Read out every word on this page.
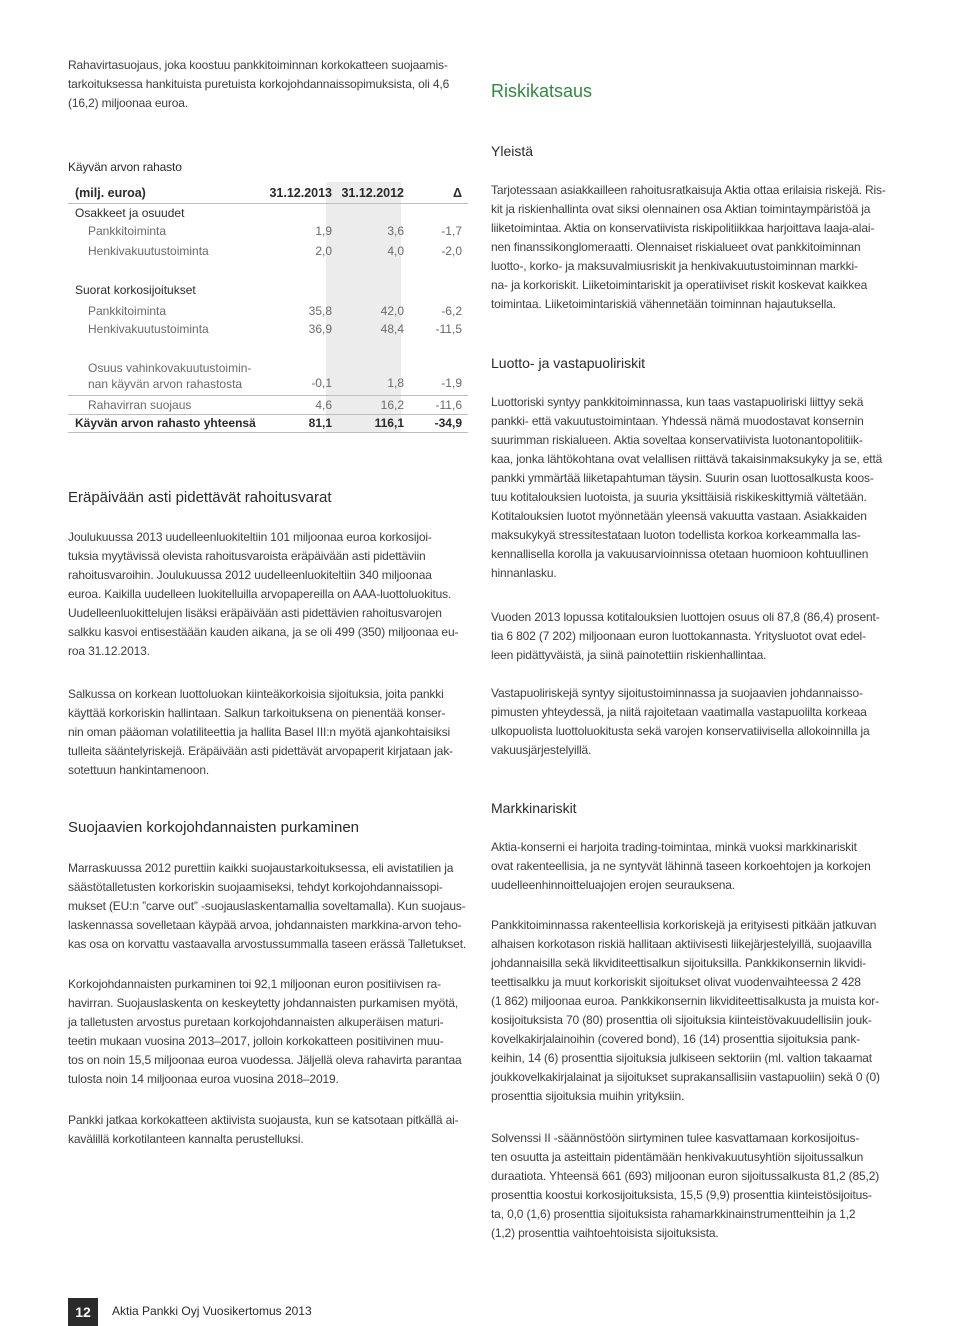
Rahavirtasuojaus, joka koostuu pankkitoiminnan korkokatteen suojaamis-
tarkoituksessa hankituista puretuista korkojohdannaissopimuksista, oli 4,6
(16,2) miljoonaa euroa.

Käyvän arvon rahasto

(milj. euroa)	31.12.2013 31.12.2012	Δ
Osakkeet ja osuudet
Pankkitoiminta	1,9	3,6	-1,7
Henkivakuutustoiminta	2,0	4,0	-2,0
Suorat korkosijoitukset
Pankkitoiminta	35,8	42,0	-6,2
Henkivakuutustoiminta	36,9	48,4	-11,5
Osuus vahinkovakuutustoimin-
nan käyvän arvon rahastosta	-0,1	1,8	-1,9
Rahavirran suojaus	4,6	16,2	-11,6
Käyvän arvon rahasto yhteensä	81,1	116,1	-34,9
Eräpäivään asti pidettävät rahoitusvarat

Joulukuussa 2013 uudelleenluokiteltiin 101 miljoonaa euroa korkosijoi-
tuksia myytävissä olevista rahoitusvaroista eräpäivään asti pidettäviin
rahoitusvaroihin. Joulukuussa 2012 uudelleenluokiteltiin 340 miljoonaa
euroa. Kaikilla uudelleen luokitelluilla arvopapereilla on AAA-luottoluokitus.
Uudelleenluokittelujen lisäksi eräpäivään asti pidettävien rahoitusvarojen
salkku kasvoi entisestäään kauden aikana, ja se oli 499 (350) miljoonaa eu-
roa 31.12.2013.

Salkussa on korkean luottoluokan kiinteäkorkoisia sijoituksia, joita pankki
käyttää korkoriskin hallintaan. Salkun tarkoituksena on pienentää konser-
nin oman pääoman volatiliteettia ja hallita Basel III:n myötä ajankohtaisiksi
tulleita sääntelyriskejä. Eräpäivään asti pidettävät arvopaperit kirjataan jak-
sotettuun hankintamenoon.

Suojaavien korkojohdannaisten purkaminen

Marraskuussa 2012 purettiin kaikki suojaustarkoituksessa, eli avistatilien ja
säästötalletusten korkoriskin suojaamiseksi, tehdyt korkojohdannaissopi-
mukset (EU:n ”carve out” -suojauslaskentamallia soveltamalla). Kun suojaus-
laskennassa sovelletaan käypää arvoa, johdannaisten markkina-arvon teho-
kas osa on korvattu vastaavalla arvostussummalla taseen erässä Talletukset.

Korkojohdannaisten purkaminen toi 92,1 miljoonan euron positiivisen ra-
havirran. Suojauslaskenta on keskeytetty johdannaisten purkamisen myötä,
ja talletusten arvostus puretaan korkojohdannaisten alkuperäisen maturi-
teetin mukaan vuosina 2013–2017, jolloin korkokatteen positiivinen muu-
tos on noin 15,5 miljoonaa euroa vuodessa. Jäljellä oleva rahavirta parantaa
tulosta noin 14 miljoonaa euroa vuosina 2018–2019.

Pankki jatkaa korkokatteen aktiivista suojausta, kun se katsotaan pitkällä ai-
kavälillä korkotilanteen kannalta perustelluksi.

Riskikatsaus
Yleistä

Tarjotessaan asiakkailleen rahoitusratkaisuja Aktia ottaa erilaisia riskejä. Ris-
kit ja riskienhallinta ovat siksi olennainen osa Aktian toimintaympäristöä ja
liiketoimintaa. Aktia on konservatiivista riskipolitiikkaa harjoittava laaja-alai-
nen finanssikonglomeraatti. Olennaiset riskialueet ovat pankkitoiminnan
luotto-, korko- ja maksuvalmiusriskit ja henkivakuutustoiminnan markki-
na- ja korkoriskit. Liiketoimintariskit ja operatiiviset riskit koskevat kaikkea
toimintaa. Liiketoimintariskiä vähennetään toiminnan hajautuksella.

Luotto- ja vastapuoliriskit

Luottoriski syntyy pankkitoiminnassa, kun taas vastapuoliriski liittyy sekä
pankki- että vakuutustoimintaan. Yhdessä nämä muodostavat konsernin
suurimman riskialueen. Aktia soveltaa konservatiivista luotonantopolitiik-
kaa, jonka lähtökohtana ovat velallisen riittävä takaisinmaksukyky ja se, että
pankki ymmärtää liiketapahtuman täysin. Suurin osan luottosalkusta koos-
tuu kotitalouksien luotoista, ja suuria yksittäisiä riskikeskittymiä vältetään.
Kotitalouksien luotot myönnetään yleensä vakuutta vastaan. Asiakkaiden
maksukykyä stressitestataan luoton todellista korkoa korkeammalla las-
kennallisella korolla ja vakuusarvioinnissa otetaan huomioon kohtuullinen
hinnanlasku.

Vuoden 2013 lopussa kotitalouksien luottojen osuus oli 87,8 (86,4) prosent-
tia 6 802 (7 202) miljoonaan euron luottokannasta. Yritysluotot ovat edel-
leen pidättyväistä, ja siinä painotettiin riskienhallintaa.

Vastapuoliriskejä syntyy sijoitustoiminnassa ja suojaavien johdannaisso-
pimusten yhteydessä, ja niitä rajoitetaan vaatimalla vastapuolilta korkeaa
ulkopuolista luottoluokitusta sekä varojen konservatiivisella allokoinnilla ja
vakuusjärjestelyillä.

Markkinariskit

Aktia-konserni ei harjoita trading-toimintaa, minkä vuoksi markkinariskit
ovat rakenteellisia, ja ne syntyvät lähinnä taseen korkoehtojen ja korkojen
uudelleenhinnoitteluajojen erojen seurauksena.

Pankkitoiminnassa rakenteellisia korkoriskejä ja erityisesti pitkään jatkuvan
alhaisen korkotason riskiä hallitaan aktiivisesti liikejärjestelyillä, suojaavilla
johdannaisilla sekä likviditeettisalkun sijoituksilla. Pankkikonsernin likvidi-
teettisalkku ja muut korkoriskit sijoitukset olivat vuodenvaihteessa 2 428
(1 862) miljoonaa euroa. Pankkikonsernin likviditeettisalkusta ja muista kor-
kosijoituksista 70 (80) prosenttia oli sijoituksia kiinteistövakuudellisiin jouk-
kovelkakirjalainoihin (covered bond), 16 (14) prosenttia sijoituksia pank-
keihin, 14 (6) prosenttia sijoituksia julkiseen sektoriin (ml. valtion takaamat
joukkovelkakirjalainat ja sijoitukset suprakansallisiin vastapuoliin) sekä 0 (0)
prosenttia sijoituksia muihin yrityksiin.

Solvenssi II -säännöstöön siirtyminen tulee kasvattamaan korkosijoitus-
ten osuutta ja asteittain pidentämään henkivakuutusyhtiön sijoitussalkun
duraatiota. Yhteensä 661 (693) miljoonan euron sijoitussalkusta 81,2 (85,2)
prosenttia koostui korkosijoituksista, 15,5 (9,9) prosenttia kiinteistösijoitus-
ta, 0,0 (1,6) prosenttia sijoituksista rahamarkkinainstrumentteihin ja 1,2
(1,2) prosenttia vaihtoehtoisista sijoituksista.

12	Aktia Pankki Oyj Vuosikertomus 2013
